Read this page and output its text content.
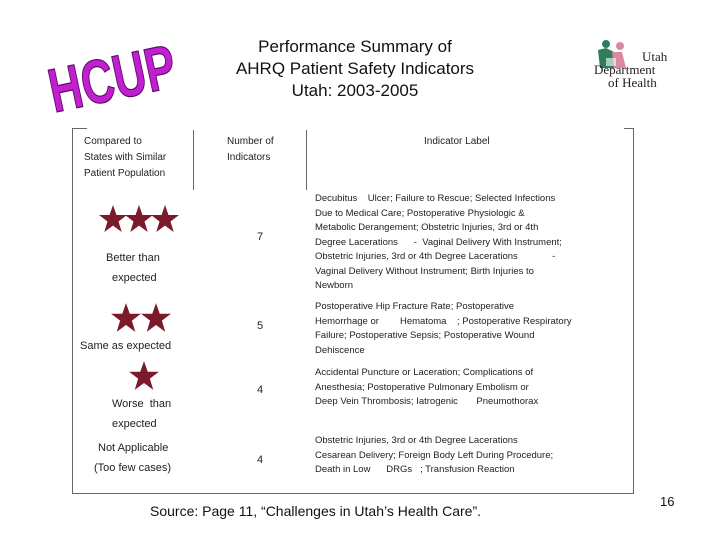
HCUP	Performance Summary of
AHRQ Patient Safety Indicators
Utah: 2003-2005
Utah
Department
of Health
Compared to
States with Similar
Patient Population
Number of
Indicators
Indicator Label
Better than
expected
7
Decubitus    Ulcer; Failure to Rescue; Selected Infections
Due to Medical Care; Postoperative Physiologic &
Metabolic Derangement; Obstetric Injuries, 3rd or 4th
Degree Lacerations      -  Vaginal Delivery With Instrument;
Obstetric Injuries, 3rd or 4th Degree Lacerations             -
Vaginal Delivery Without Instrument; Birth Injuries to
Newborn
Same as expected
5
Postoperative Hip Fracture Rate; Postoperative
Hemorrhage or        Hematoma    ; Postoperative Respiratory
Failure; Postoperative Sepsis; Postoperative Wound
Dehiscence
Worse  than
expected
4
Accidental Puncture or Laceration; Complications of
Anesthesia; Postoperative Pulmonary Embolism or
Deep Vein Thrombosis; Iatrogenic       Pneumothorax
Not Applicable
(Too few cases)
4
Obstetric Injuries, 3rd or 4th Degree Lacerations
Cesarean Delivery; Foreign Body Left During Procedure;
Death in Low      DRGs   ; Transfusion Reaction
Source: Page 11, “Challenges in Utah’s Health Care”.
16
